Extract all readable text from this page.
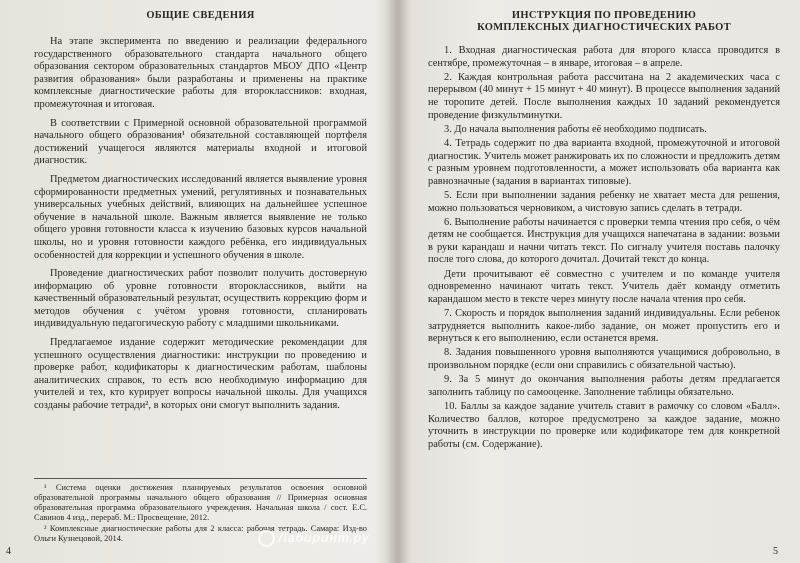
ОБЩИЕ СВЕДЕНИЯ

На этапе эксперимента по введению и реализации федерального государственного образовательного стандарта начального общего образования сектором образовательных стандартов МБОУ ДПО «Центр развития образования» были разработаны и применены на практике комплексные диагностические работы для второклассников: входная, промежуточная и итоговая.

В соответствии с Примерной основной образовательной программой начального общего образования¹ обязательной составляющей портфеля достижений учащегося являются материалы входной и итоговой диагностик.

Предметом диагностических исследований является выявление уровня сформированности предметных умений, регулятивных и познавательных универсальных учебных действий, влияющих на дальнейшее успешное обучение в начальной школе. Важным является выявление не только общего уровня готовности класса к изучению базовых курсов начальной школы, но и уровня готовности каждого ребёнка, его индивидуальных особенностей для коррекции и успешного обучения в школе.

Проведение диагностических работ позволит получить достоверную информацию об уровне готовности второклассников, выйти на качественный образовательный результат, осуществить коррекцию форм и методов обучения с учётом уровня готовности, спланировать индивидуальную педагогическую работу с младшими школьниками.

Предлагаемое издание содержит методические рекомендации для успешного осуществления диагностики: инструкции по проведению и проверке работ, кодификаторы к диагностическим работам, шаблоны аналитических справок, то есть всю необходимую информацию для учителей и тех, кто курирует вопросы начальной школы. Для учащихся созданы рабочие тетради², в которых они смогут выполнить задания.

¹ Система оценки достижения планируемых результатов освоения основной образовательной программы начального общего образования // Примерная основная образовательная программа образовательного учреждения. Начальная школа / сост. Е.С. Савинов 4 изд., перераб. М.: Просвещение, 2012.

² Комплексные диагностические работы для 2 класса: рабочая тетрадь. Самара: Изд-во Ольги Кузнецовой, 2014.

4
ИНСТРУКЦИЯ ПО ПРОВЕДЕНИЮ
КОМПЛЕКСНЫХ ДИАГНОСТИЧЕСКИХ РАБОТ

1. Входная диагностическая работа для второго класса проводится в сентябре, промежуточная – в январе, итоговая – в апреле.

2. Каждая контрольная работа рассчитана на 2 академических часа с перерывом (40 минут + 15 минут + 40 минут). В процессе выполнения заданий не торопите детей. После выполнения каждых 10 заданий рекомендуется проведение физкультминутки.

3. До начала выполнения работы её необходимо подписать.

4. Тетрадь содержит по два варианта входной, промежуточной и итоговой диагностик. Учитель может ранжировать их по сложности и предложить детям с разным уровнем подготовленности, а может использовать оба варианта как равнозначные (задания в вариантах типовые).

5. Если при выполнении задания ребенку не хватает места для решения, можно пользоваться черновиком, а чистовую запись сделать в тетради.

6. Выполнение работы начинается с проверки темпа чтения про себя, о чём детям не сообщается. Инструкция для учащихся напечатана в задании: возьми в руки карандаш и начни читать текст. По сигналу учителя поставь палочку после того слова, до которого дочитал. Дочитай текст до конца.

Дети прочитывают её совместно с учителем и по команде учителя одновременно начинают читать текст. Учитель даёт команду отметить карандашом место в тексте через минуту после начала чтения про себя.

7. Скорость и порядок выполнения заданий индивидуальны. Если ребенок затрудняется выполнить какое-либо задание, он может пропустить его и вернуться к его выполнению, если останется время.

8. Задания повышенного уровня выполняются учащимися добровольно, в произвольном порядке (если они справились с обязательной частью).

9. За 5 минут до окончания выполнения работы детям предлагается заполнить таблицу по самооценке. Заполнение таблицы обязательно.

10. Баллы за каждое задание учитель ставит в рамочку со словом «Балл». Количество баллов, которое предусмотрено за каждое задание, можно уточнить в инструкции по проверке или кодификаторе тем для конкретной работы (см. Содержание).

5
Лабиринт.ру
